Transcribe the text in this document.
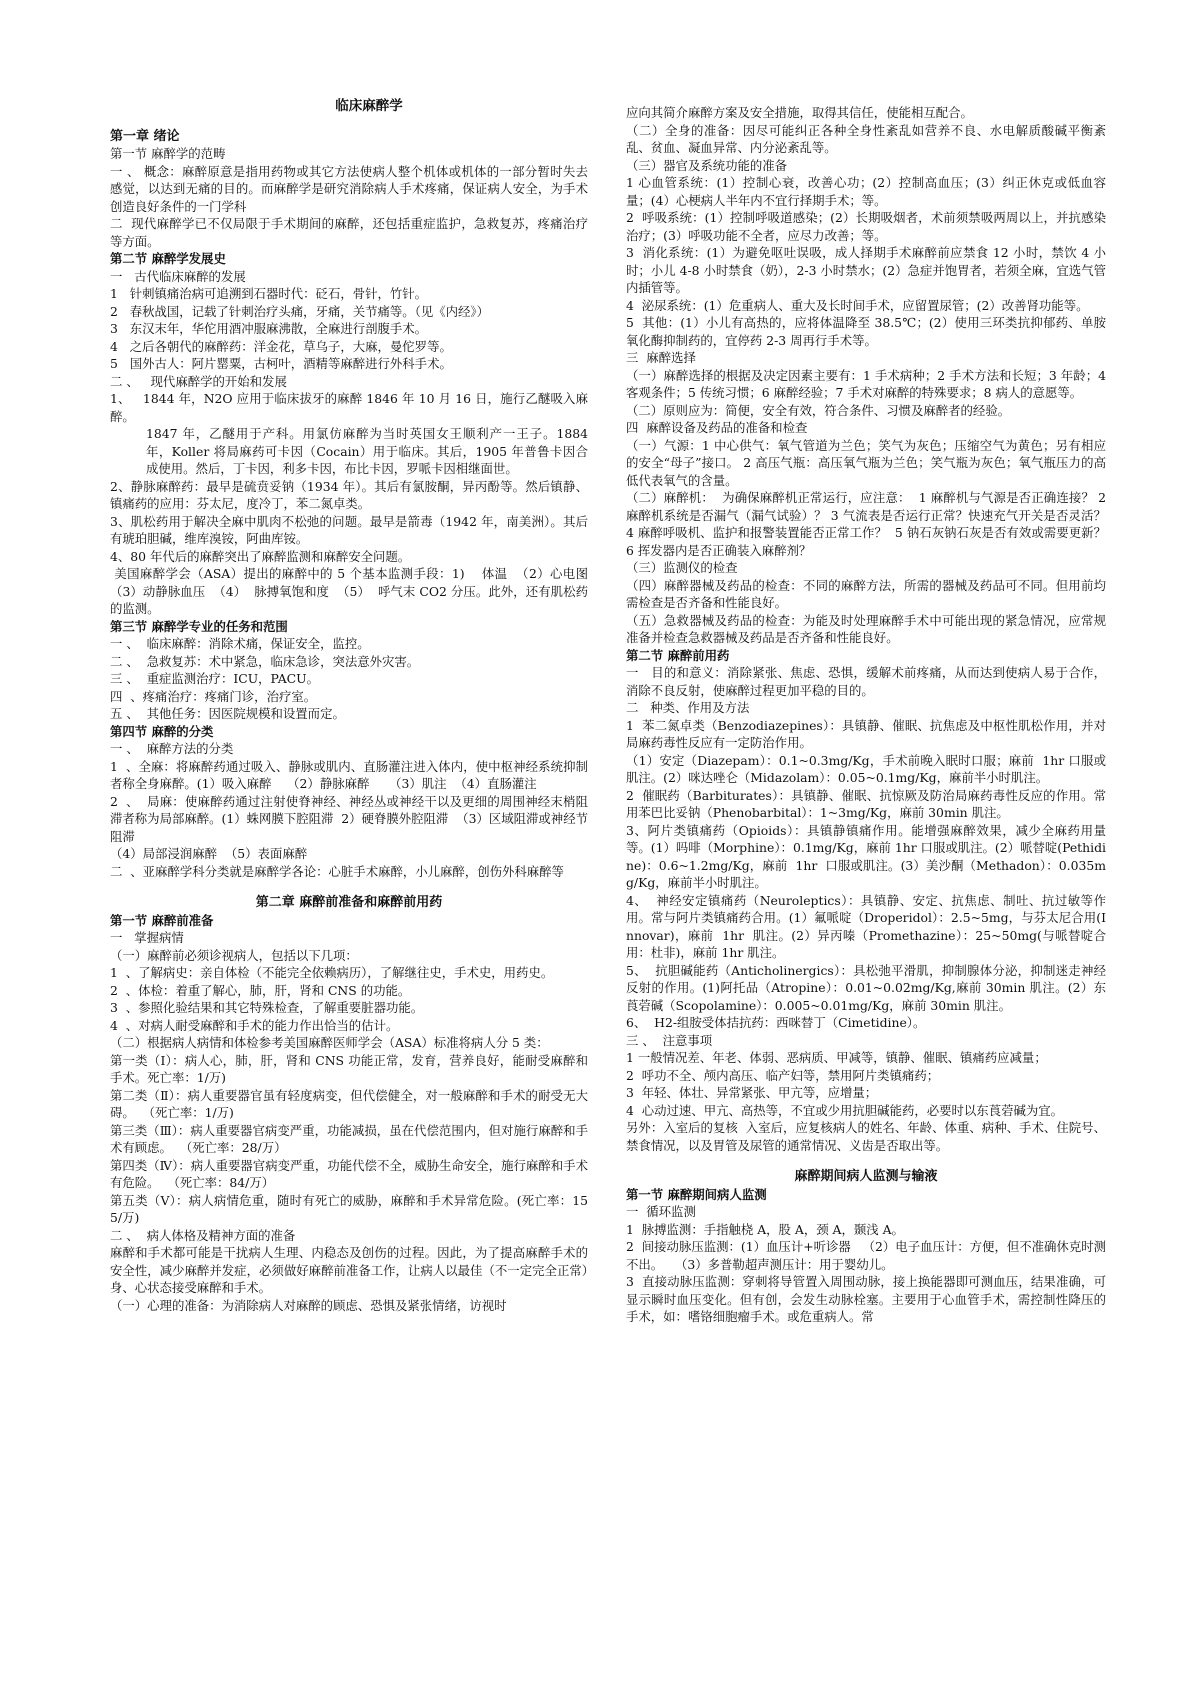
临床麻醉学
第一章 绪论
第一节 麻醉学的范畴
一 、 概念：麻醉原意是指用药物或其它方法使病人整个机体或机体的一部分暂时失去感觉，以达到无痛的目的。而麻醉学是研究消除病人手术疼痛，保证病人安全，为手术创造良好条件的一门学科
二  现代麻醉学已不仅局限于手术期间的麻醉，还包括重症监护，急救复苏，疼痛治疗等方面。
第二节 麻醉学发展史
一   古代临床麻醉的发展
1   针刺镇痛治病可追溯到石器时代：砭石，骨针，竹针。
2   春秋战国，记载了针刺治疗头痛，牙痛，关节痛等。（见《内经》）
3   东汉末年，华佗用酒冲服麻沸散，全麻进行剖腹手术。
4   之后各朝代的麻醉药：洋金花，草乌子，大麻，曼佗罗等。
5   国外古人：阿片罂粟，古柯叶，酒精等麻醉进行外科手术。
二 、   现代麻醉学的开始和发展
1、   1844 年，N2O 应用于临床拔牙的麻醉 1846 年 10 月 16 日，施行乙醚吸入麻醉。
1847 年，乙醚用于产科。用氯仿麻醉为当时英国女王顺利产一王子。1884 年，Koller 将局麻药可卡因（Cocain）用于临床。其后，1905 年普鲁卡因合成使用。然后，丁卡因，利多卡因，布比卡因，罗哌卡因相继面世。
2、静脉麻醉药：最早是硫贲妥钠（1934 年）。其后有氯胺酮，异丙酚等。然后镇静、镇痛药的应用：芬太尼，度冷丁，苯二氮卓类。
3、肌松药用于解决全麻中肌肉不松弛的问题。最早是箭毒（1942 年，南美洲）。其后有琥珀胆碱，维库溴铵，阿曲库铵。
4、80 年代后的麻醉突出了麻醉监测和麻醉安全问题。
美国麻醉学会（ASA）提出的麻醉中的 5 个基本监测手段：1)    体温  （2）心电图  （3）动静脉血压  （4）  脉搏氧饱和度  （5）  呼气末 CO2 分压。此外，还有肌松药的监测。
第三节 麻醉学专业的任务和范围
一 、  临床麻醉：消除术痛，保证安全，监控。
二 、  急救复苏：术中紧急，临床急诊，突法意外灾害。
三 、  重症监测治疗：ICU，PACU。
四  、疼痛治疗：疼痛门诊，治疗室。
五 、  其他任务：因医院规模和设置而定。
第四节 麻醉的分类
一 、  麻醉方法的分类
1  、全麻：将麻醉药通过吸入、静脉或肌内、直肠灌注进入体内，使中枢神经系统抑制者称全身麻醉。(1）吸入麻醉    （2）静脉麻醉     （3）肌注  （4）直肠灌注
2  、  局麻：使麻醉药通过注射使脊神经、神经丛或神经干以及更细的周围神经末梢阻滞者称为局部麻醉。(1）蛛网膜下腔阻滞  2）硬脊膜外腔阻滞  （3）区域阻滞或神经节阻滞
（4）局部浸润麻醉  （5）表面麻醉
二  、亚麻醉学科分类就是麻醉学各论：心脏手术麻醉，小儿麻醉，创伤外科麻醉等
第二章 麻醉前准备和麻醉前用药
第一节 麻醉前准备
一   掌握病情
（一）麻醉前必须诊视病人，包括以下几项：
1  、了解病史：亲自体检（不能完全依赖病历），了解继往史，手术史，用药史。
2  、体检：着重了解心，肺，肝，肾和 CNS 的功能。
3  、参照化验结果和其它特殊检查，了解重要脏器功能。
4  、对病人耐受麻醉和手术的能力作出恰当的估计。
（二）根据病人病情和体检参考美国麻醉医师学会（ASA）标准将病人分 5 类：
第一类（Ⅰ）：病人心，肺，肝，肾和 CNS 功能正常，发育，营养良好，能耐受麻醉和手术。死亡率：1/万)
第二类（Ⅱ）：病人重要器官虽有轻度病变，但代偿健全，对一般麻醉和手术的耐受无大碍。  （死亡率：1/万)
第三类（Ⅲ）：病人重要器官病变严重，功能减损，虽在代偿范围内，但对施行麻醉和手术有顾虑。  （死亡率：28/万）
第四类（Ⅳ）：病人重要器官病变严重，功能代偿不全，威胁生命安全，施行麻醉和手术有危险。  （死亡率：84/万）
第五类（Ⅴ）：病人病情危重，随时有死亡的威胁，麻醉和手术异常危险。(死亡率：155/万)
二 、  病人体格及精神方面的准备
麻醉和手术都可能是干扰病人生理、内稳态及创伤的过程。因此，为了提高麻醉手术的安全性，减少麻醉并发症，必须做好麻醉前准备工作，让病人以最佳（不一定完全正常）身、心状态接受麻醉和手术。
（一）心理的准备：为消除病人对麻醉的顾虑、恐惧及紧张情绪，访视时
应向其简介麻醉方案及安全措施，取得其信任，使能相互配合。
（二）全身的准备：因尽可能纠正各种全身性紊乱如营养不良、水电解质酸碱平衡紊乱、贫血、凝血异常、内分泌紊乱等。
（三）器官及系统功能的准备
1 心血管系统：(1）控制心衰，改善心功；(2）控制高血压；(3）纠正休克或低血容量；(4）心梗病人半年内不宜行择期手术；等。
2  呼吸系统：(1）控制呼吸道感染；(2）长期吸烟者，术前须禁吸两周以上，并抗感染治疗；(3）呼吸功能不全者，应尽力改善；等。
3  消化系统：(1）为避免呕吐误吸，成人择期手术麻醉前应禁食 12 小时，禁饮 4 小时；小儿 4-8 小时禁食（奶），2-3 小时禁水；(2）急症并饱胃者，若须全麻，宜选气管内插管等。
4  泌尿系统：(1）危重病人、重大及长时间手术，应留置尿管；(2）改善肾功能等。
5  其他：(1）小儿有高热的，应将体温降至 38.5℃；(2）使用三环类抗抑郁药、单胺氧化酶抑制药的，宜停药 2-3 周再行手术等。
三  麻醉选择
（一）麻醉选择的根据及决定因素主要有：1 手术病种；2 手术方法和长短；3 年龄；4 客观条件；5 传统习惯；6 麻醉经验；7 手术对麻醉的特殊要求；8 病人的意愿等。
（二）原则应为：简便，安全有效，符合条件、习惯及麻醉者的经验。
四  麻醉设备及药品的准备和检查
（一）气源：1 中心供气：氧气管道为兰色；笑气为灰色；压缩空气为黄色；另有相应的安全“母子”接口。 2 高压气瓶：高压氧气瓶为兰色；笑气瓶为灰色；氧气瓶压力的高低代表氧气的含量。
（二）麻醉机：  为确保麻醉机正常运行，应注意：  1 麻醉机与气源是否正确连接？ 2 麻醉机系统是否漏气（漏气试验）？ 3 气流表是否运行正常？快速充气开关是否灵活？ 4 麻醉呼吸机、监护和报警装置能否正常工作？  5 钠石灰钠石灰是否有效或需要更新？  6 挥发器内是否正确装入麻醉剂？
（三）监测仪的检查
（四）麻醉器械及药品的检查：不同的麻醉方法，所需的器械及药品可不同。但用前均需检查是否齐备和性能良好。
（五）急救器械及药品的检查：为能及时处理麻醉手术中可能出现的紧急情况，应常规准备并检查急救器械及药品是否齐备和性能良好。
第二节 麻醉前用药
一   目的和意义：消除紧张、焦虑、恐惧，缓解术前疼痛，从而达到使病人易于合作，消除不良反射，使麻醉过程更加平稳的目的。
二   种类、作用及方法
1  苯二氮卓类（Benzodiazepines）：具镇静、催眠、抗焦虑及中枢性肌松作用，并对局麻药毒性反应有一定防治作用。
（1）安定（Diazepam）：0.1~0.3mg/Kg，手术前晚入眠时口服；麻前  1hr 口服或肌注。(2）咪达唑仑（Midazolam）：0.05~0.1mg/Kg，麻前半小时肌注。
2  催眠药（Barbiturates）：具镇静、催眠、抗惊厥及防治局麻药毒性反应的作用。常用苯巴比妥钠（Phenobarbital）：1~3mg/Kg，麻前 30min 肌注。
3、阿片类镇痛药（Opioids）：具镇静镇痛作用。能增强麻醉效果，减少全麻药用量等。(1）吗啡（Morphine）：0.1mg/Kg，麻前 1hr 口服或肌注。(2）哌替啶(Pethidine)：0.6~1.2mg/Kg，麻前  1hr  口服或肌注。(3）美沙酮（Methadon）：0.035mg/Kg，麻前半小时肌注。
4、  神经安定镇痛药（Neuroleptics）：具镇静、安定、抗焦虑、制吐、抗过敏等作用。常与阿片类镇痛药合用。(1）氟哌啶（Droperidol）：2.5~5mg，与芬太尼合用(Innovar)，麻前  1hr  肌注。(2）异丙嗪（Promethazine）：25~50mg(与哌替啶合用：杜非)，麻前 1hr 肌注。
5、  抗胆碱能药（Anticholinergics）：具松弛平滑肌，抑制腺体分泌，抑制迷走神经反射的作用。(1)阿托品（Atropine）：0.01~0.02mg/Kg,麻前 30min 肌注。(2）东莨菪碱（Scopolamine）：0.005~0.01mg/Kg，麻前 30min 肌注。
6、  H2-组胺受体拮抗药：西咪替丁（Cimetidine）。
三 、  注意事项
1 一般情况差、年老、体弱、恶病质、甲减等，镇静、催眠、镇痛药应减量；
2  呼功不全、颅内高压、临产妇等，禁用阿片类镇痛药；
3  年轻、体壮、异常紧张、甲亢等，应增量；
4  心动过速、甲亢、高热等，不宜或少用抗胆碱能药，必要时以东莨菪碱为宜。
另外：入室后的复核  入室后，应复核病人的姓名、年龄、体重、病种、手术、住院号、禁食情况，以及胃管及尿管的通常情况、义齿是否取出等。
麻醉期间病人监测与输液
第一节 麻醉期间病人监测
一  循环监测
1  脉搏监测：手指触桡 A，股 A，颈 A，颞浅 A。
2  间接动脉压监测：(1）血压计+听诊器   （2）电子血压计：方便，但不准确休克时测不出。   （3）多普勒超声测压计：用于婴幼儿。
3  直接动脉压监测：穿刺将导管置入周围动脉，接上换能器即可测血压，结果准确，可显示瞬时血压变化。但有创，会发生动脉栓塞。主要用于心血管手术，需控制性降压的手术，如：嗜铬细胞瘤手术。或危重病人。常
